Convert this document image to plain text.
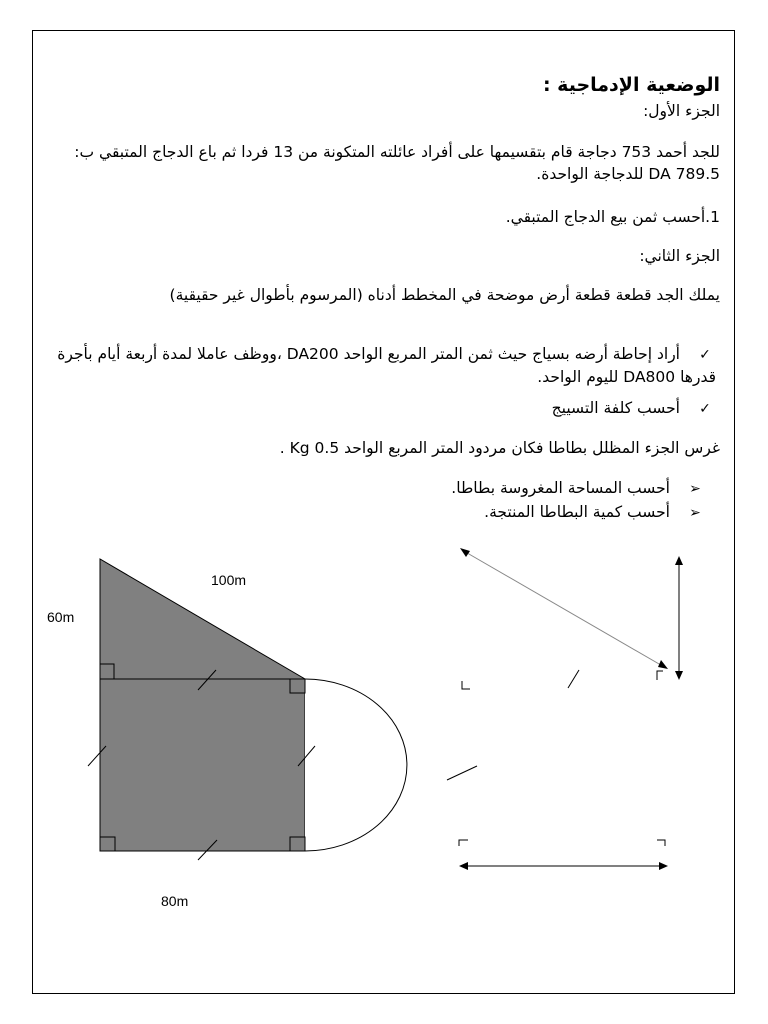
الوضعية الإدماجية :
الجزء الأول:
للجد أحمد 753 دجاجة قام بتقسيمها على أفراد عائلته المتكونة من 13 فردا ثم باع الدجاج المتبقي ب: DA 789.5 للدجاجة الواحدة.
1.أحسب ثمن بيع الدجاج المتبقي.
الجزء الثاني:
يملك الجد قطعة قطعة أرض موضحة في المخطط أدناه (المرسوم بأطوال غير حقيقية)
✓أراد إحاطة أرضه بسياج حيث ثمن المتر المربع الواحد DA200 ،ووظف عاملا لمدة أربعة أيام بأجرة قدرها DA800 لليوم الواحد.
✓أحسب كلفة التسييج
غرس الجزء المظلل بطاطا فكان مردود المتر المربع الواحد Kg 0.5 .
➢أحسب المساحة المغروسة بطاطا.
➢أحسب كمية البطاطا المنتجة.
100m
60m
80m
